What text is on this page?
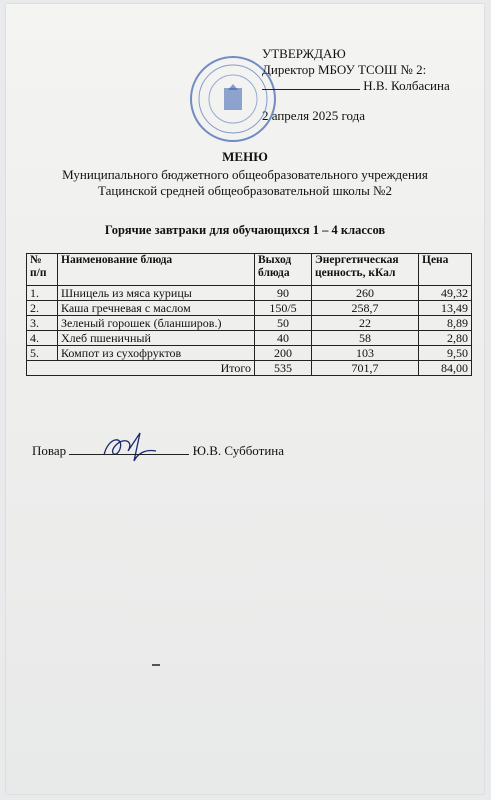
УТВЕРЖДАЮ
Директор МБОУ ТСОШ № 2:
Н.В. Колбасина
2 апреля 2025 года
МЕНЮ
Муниципального бюджетного общеобразовательного учреждения
Тацинской средней общеобразовательной школы №2
Горячие завтраки для обучающихся 1 – 4 классов
№ п/п	Наименование блюда	Выход блюда	Энергетическая ценность, кКал	Цена
1.	Шницель из мяса курицы	90	260	49,32
2.	Каша гречневая с маслом	150/5	258,7	13,49
3.	Зеленый горошек (бланширов.)	50	22	8,89
4.	Хлеб пшеничный	40	58	2,80
5.	Компот из сухофруктов	200	103	9,50
Итого		535	701,7	84,00
Повар	Ю.В. Субботина
